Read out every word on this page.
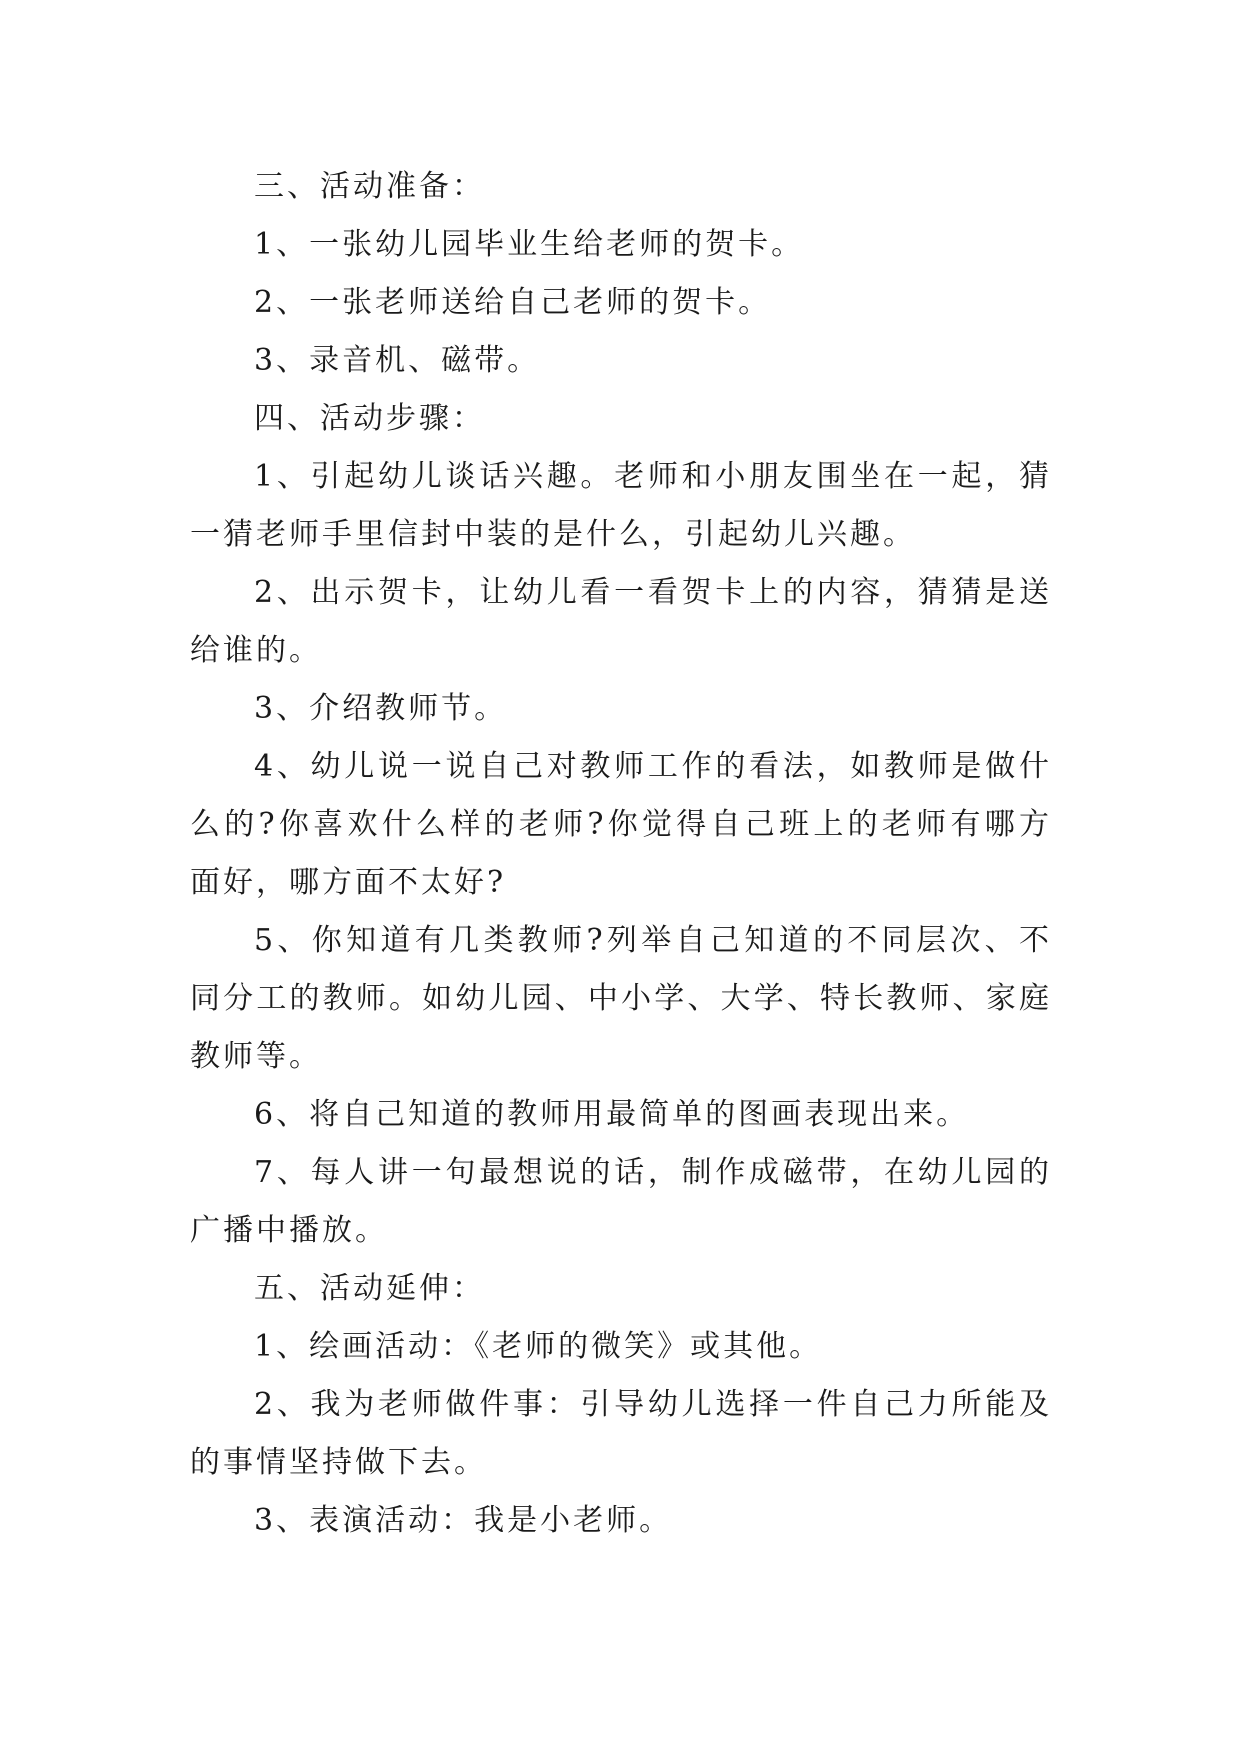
三、活动准备：

1、一张幼儿园毕业生给老师的贺卡。

2、一张老师送给自己老师的贺卡。

3、录音机、磁带。

四、活动步骤：

1、引起幼儿谈话兴趣。老师和小朋友围坐在一起，猜一猜老师手里信封中装的是什么，引起幼儿兴趣。

2、出示贺卡，让幼儿看一看贺卡上的内容，猜猜是送给谁的。

3、介绍教师节。

4、幼儿说一说自己对教师工作的看法，如教师是做什么的?你喜欢什么样的老师?你觉得自己班上的老师有哪方面好，哪方面不太好?

5、你知道有几类教师?列举自己知道的不同层次、不同分工的教师。如幼儿园、中小学、大学、特长教师、家庭教师等。

6、将自己知道的教师用最简单的图画表现出来。

7、每人讲一句最想说的话，制作成磁带，在幼儿园的广播中播放。

五、活动延伸：

1、绘画活动：《老师的微笑》或其他。

2、我为老师做件事：引导幼儿选择一件自己力所能及的事情坚持做下去。

3、表演活动：我是小老师。
